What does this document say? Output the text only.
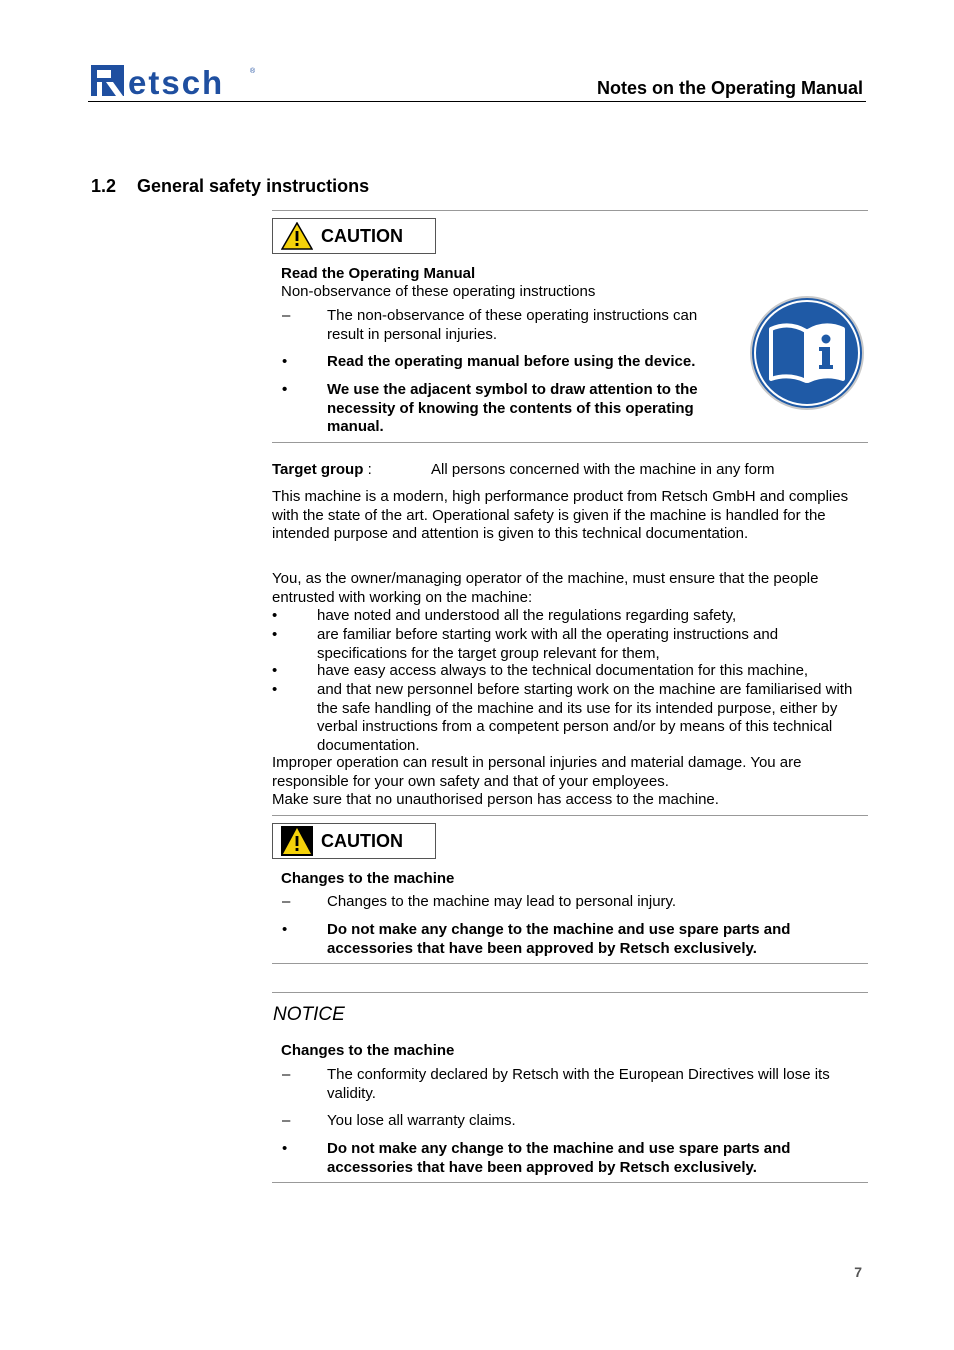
etsch	®
Notes on the Operating Manual
1.2 General safety instructions
CAUTION
Read the Operating Manual
Non-observance of these operating instructions
– The non-observance of these operating instructions can result in personal injuries.
•	Read the operating manual before using the device.
•	We use the adjacent symbol to draw attention to the necessity of knowing the contents of this operating manual.
Target group :	All persons concerned with the machine in any form
This machine is a modern, high performance product from Retsch GmbH and complies with the state of the art. Operational safety is given if the machine is handled for the intended purpose and attention is given to this technical documentation.
You, as the owner/managing operator of the machine, must ensure that the people entrusted with working on the machine:
•	have noted and understood all the regulations regarding safety,
•	are familiar before starting work with all the operating instructions and specifications for the target group relevant for them,
•	have easy access always to the technical documentation for this machine,
•	and that new personnel before starting work on the machine are familiarised with the safe handling of the machine and its use for its intended purpose, either by verbal instructions from a competent person and/or by means of this technical documentation.
Improper operation can result in personal injuries and material damage. You are responsible for your own safety and that of your employees.
Make sure that no unauthorised person has access to the machine.
CAUTION
Changes to the machine
– Changes to the machine may lead to personal injury.
•	Do not make any change to the machine and use spare parts and accessories that have been approved by Retsch exclusively.
NOTICE
Changes to the machine
– The conformity declared by Retsch with the European Directives will lose its validity.
– You lose all warranty claims.
•	Do not make any change to the machine and use spare parts and accessories that have been approved by Retsch exclusively.
7
